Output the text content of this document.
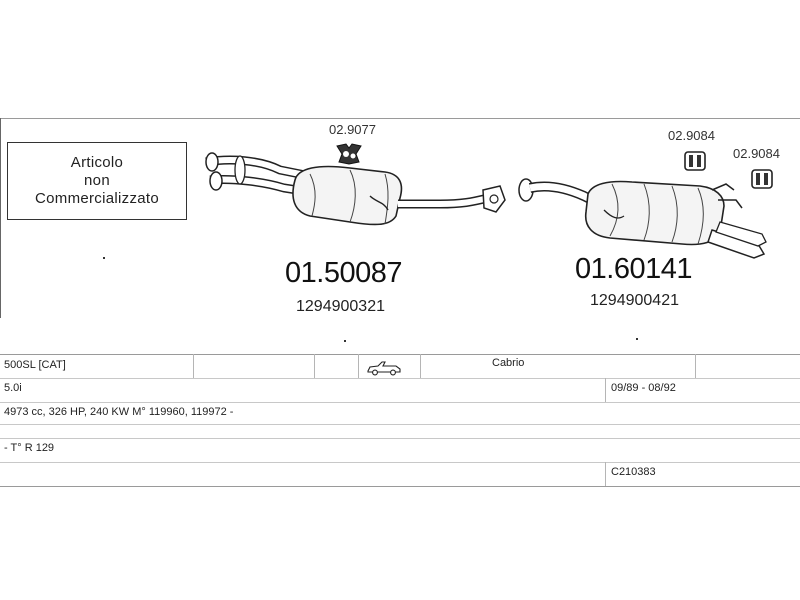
Articolo
non
Commercializzato
02.9077
01.50087
1294900321
02.9084
02.9084
01.60141
1294900421
500SL [CAT]	Cabrio
5.0i	09/89 - 08/92
4973 cc, 326 HP, 240 KW M° 119960, 119972 -
- T° R 129
C210383
